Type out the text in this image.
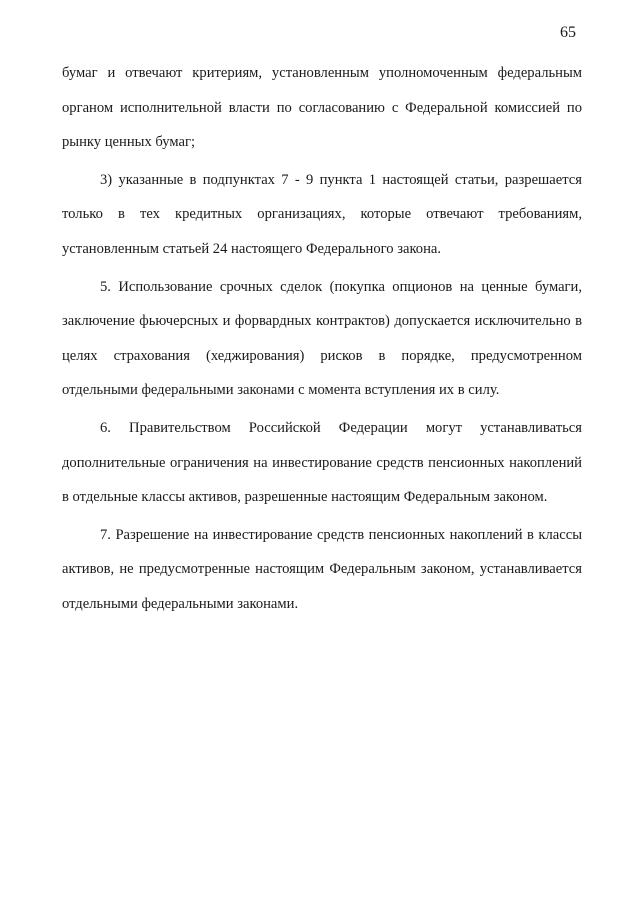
65

бумаг и отвечают критериям, установленным уполномоченным федеральным органом исполнительной власти по согласованию с Федеральной комиссией по рынку ценных бумаг;

3) указанные в подпунктах 7 - 9 пункта 1 настоящей статьи, разрешается только в тех кредитных организациях, которые отвечают требованиям, установленным статьей 24 настоящего Федерального закона.

5. Использование срочных сделок (покупка опционов на ценные бумаги, заключение фьючерсных и форвардных контрактов) допускается исключительно в целях страхования (хеджирования) рисков в порядке, предусмотренном отдельными федеральными законами с момента вступления их в силу.

6. Правительством Российской Федерации могут устанавливаться дополнительные ограничения на инвестирование средств пенсионных накоплений в отдельные классы активов, разрешенные настоящим Федеральным законом.

7. Разрешение на инвестирование средств пенсионных накоплений в классы активов, не предусмотренные настоящим Федеральным законом, устанавливается отдельными федеральными законами.
